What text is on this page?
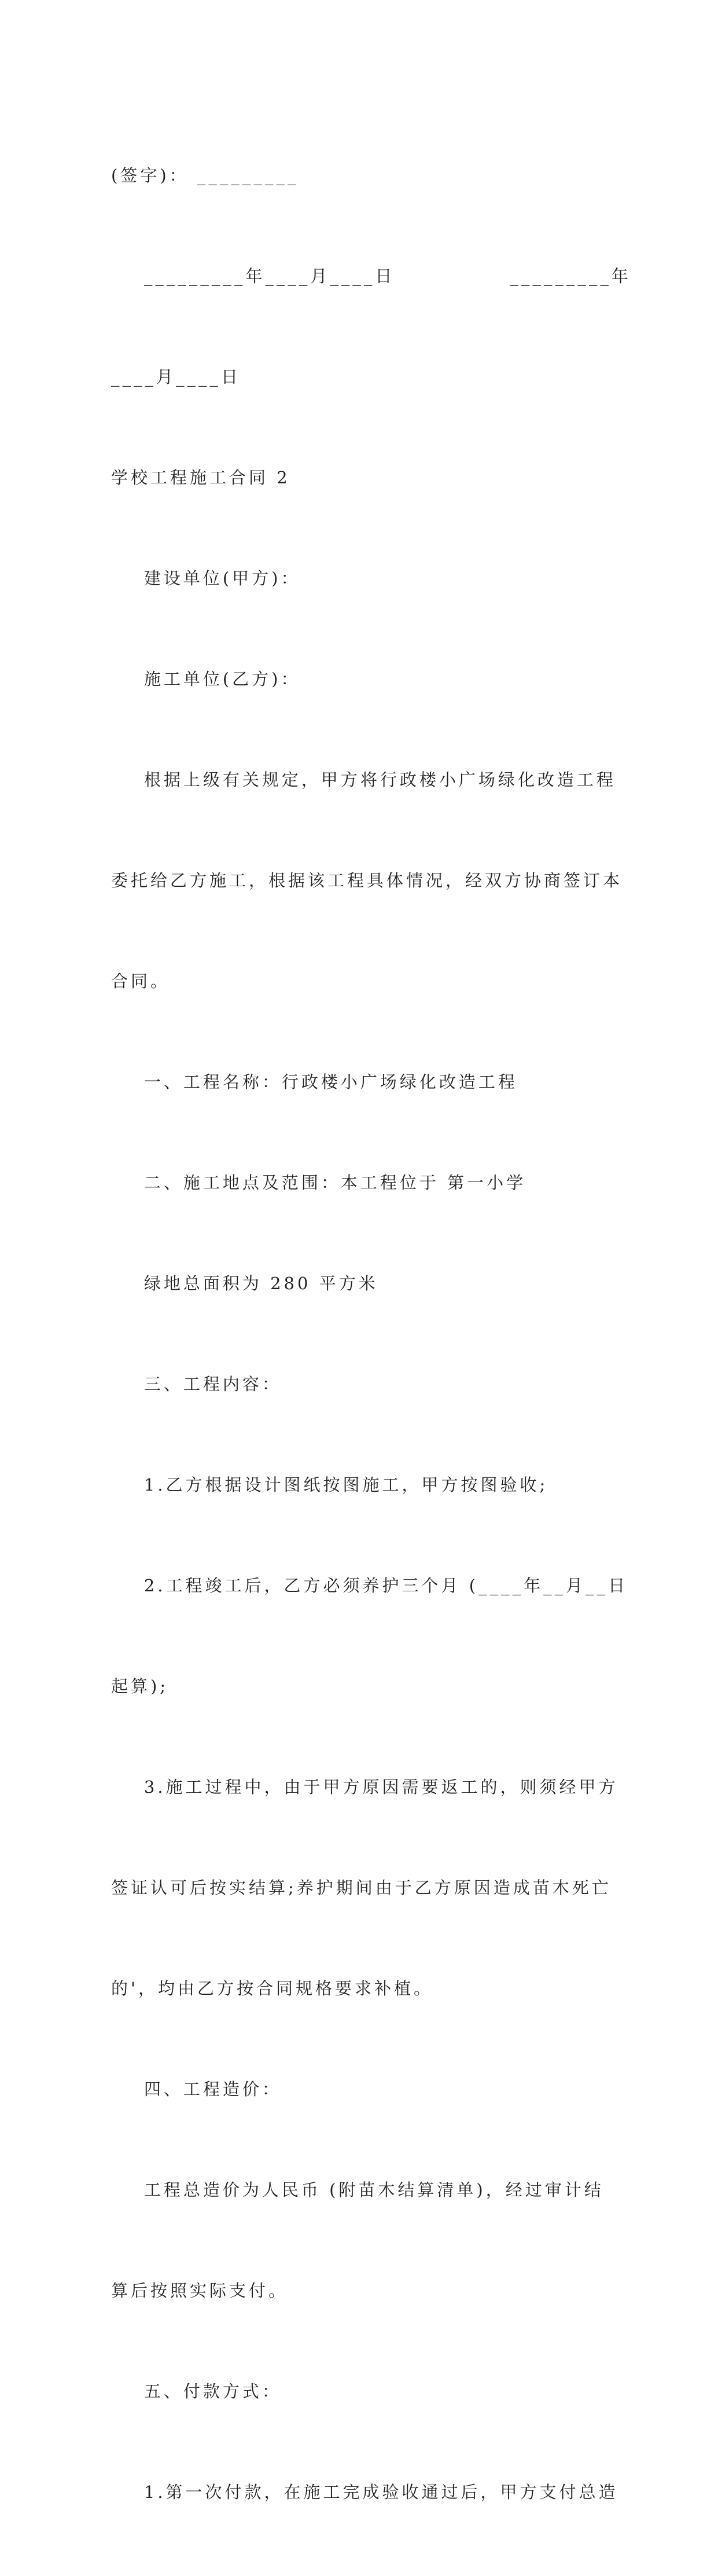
(签字)： _________

_________年____月____日              _________年

____月____日

学校工程施工合同 2

建设单位(甲方)：

施工单位(乙方)：

根据上级有关规定，甲方将行政楼小广场绿化改造工程

委托给乙方施工，根据该工程具体情况，经双方协商签订本

合同。

一、工程名称：行政楼小广场绿化改造工程

二、施工地点及范围：本工程位于 第一小学

绿地总面积为 280 平方米

三、工程内容：

1.乙方根据设计图纸按图施工，甲方按图验收;

2.工程竣工后，乙方必须养护三个月 (____年__月__日

起算);

3.施工过程中，由于甲方原因需要返工的，则须经甲方

签证认可后按实结算;养护期间由于乙方原因造成苗木死亡

的'，均由乙方按合同规格要求补植。

四、工程造价：

工程总造价为人民币 (附苗木结算清单)，经过审计结

算后按照实际支付。

五、付款方式：

1.第一次付款，在施工完成验收通过后，甲方支付总造
